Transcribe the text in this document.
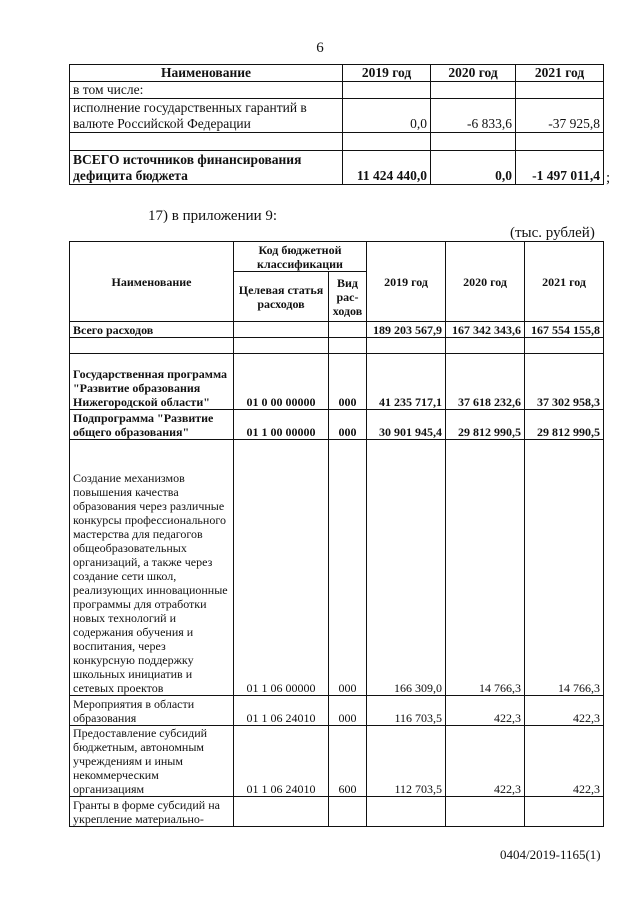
6
Наименование	2019 год	2020 год	2021 год
в том числе:			
исполнение государственных гарантий в валюте Российской Федерации	0,0	-6 833,6	-37 925,8

ВСЕГО источников финансирования дефицита бюджета	11 424 440,0	0,0	-1 497 011,4 ;
17) в приложении 9:
(тыс. рублей)
Наименование	Код бюджетной классификации		2019 год	2020 год	2021 год
	Целевая статья расходов	Вид рас-ходов			
Всего расходов			189 203 567,9	167 342 343,6	167 554 155,8

Государственная программа "Развитие образования Нижегородской области"	01 0 00 00000	000	41 235 717,1	37 618 232,6	37 302 958,3
Подпрограмма "Развитие общего образования"	01 1 00 00000	000	30 901 945,4	29 812 990,5	29 812 990,5
Создание механизмов повышения качества образования через различные конкурсы профессионального мастерства для педагогов общеобразовательных организаций, а также через создание сети школ, реализующих инновационные программы для отработки новых технологий и содержания обучения и воспитания, через конкурсную поддержку школьных инициатив и сетевых проектов	01 1 06 00000	000	166 309,0	14 766,3	14 766,3
Мероприятия в области образования	01 1 06 24010	000	116 703,5	422,3	422,3
Предоставление субсидий бюджетным, автономным учреждениям и иным некоммерческим организациям	01 1 06 24010	600	112 703,5	422,3	422,3
Гранты в форме субсидий на укрепление материально-					
0404/2019-1165(1)
